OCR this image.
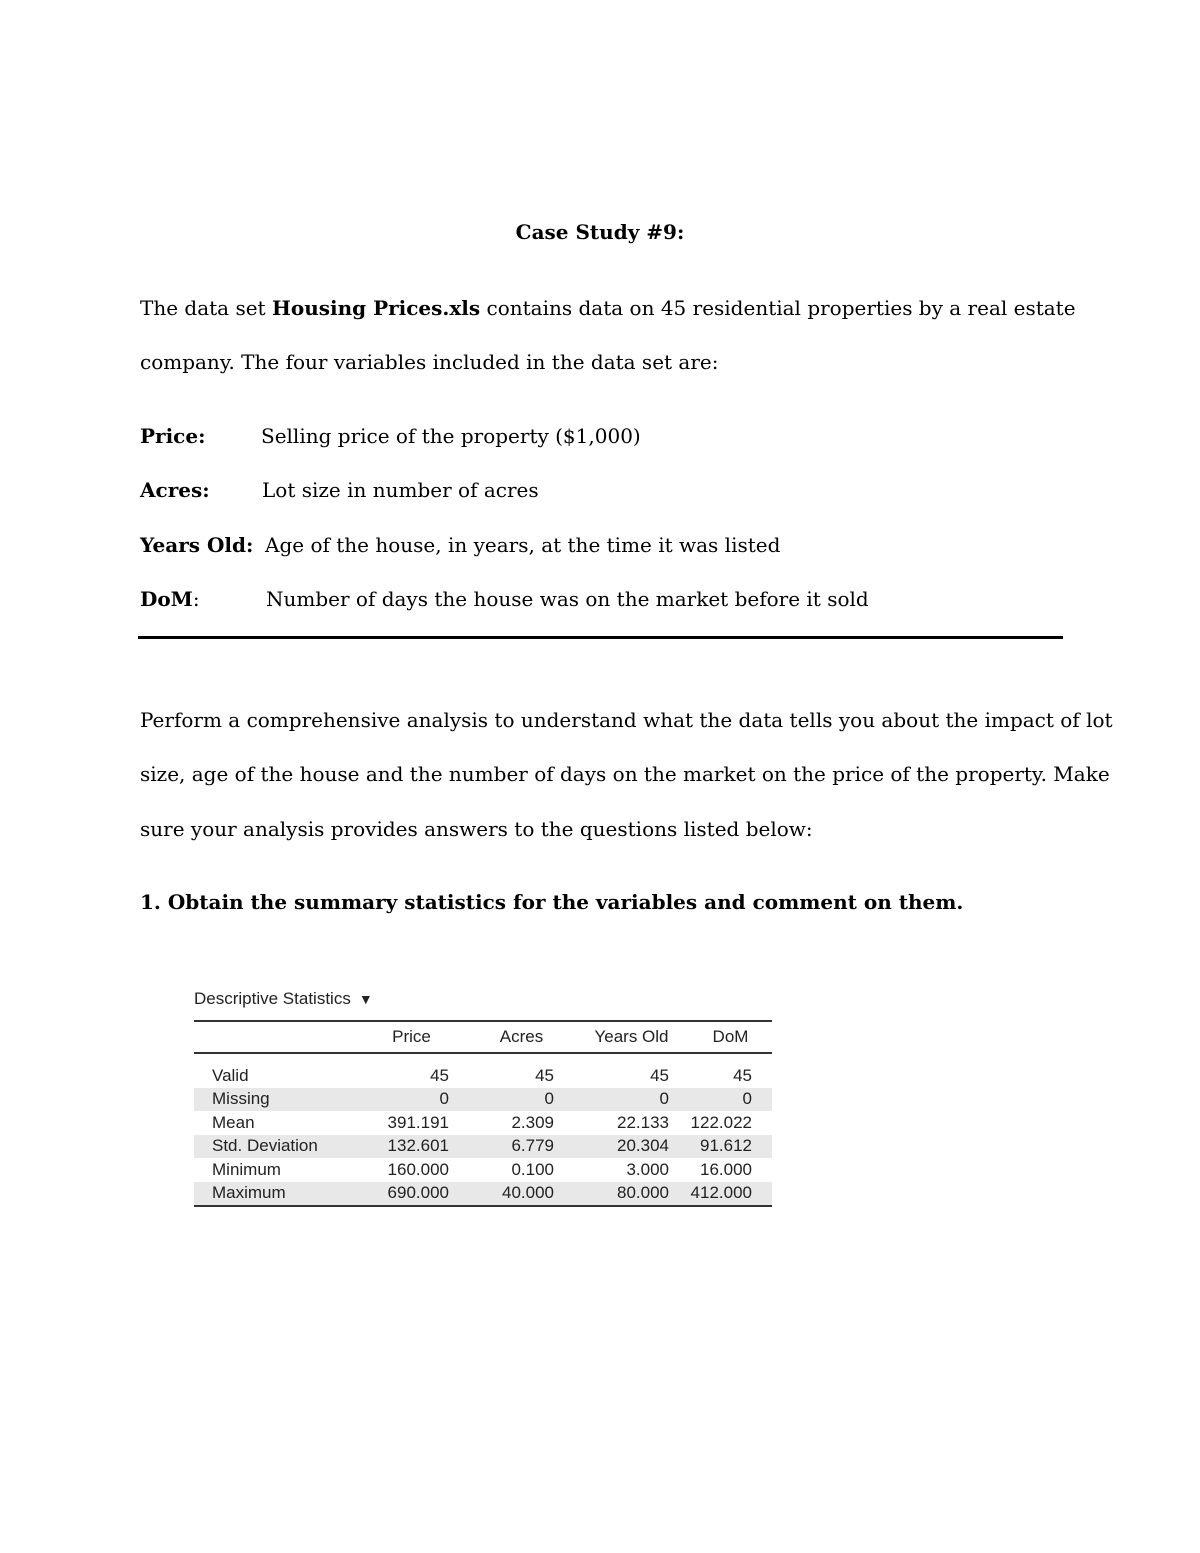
Case Study #9:
The data set Housing Prices.xls contains data on 45 residential properties by a real estate
company. The four variables included in the data set are:
Price:	Selling price of the property ($1,000)
Acres:	Lot size in number of acres
Years Old: Age of the house, in years, at the time it was listed
DoM:	Number of days the house was on the market before it sold
Perform a comprehensive analysis to understand what the data tells you about the impact of lot
size, age of the house and the number of days on the market on the price of the property. Make
sure your analysis provides answers to the questions listed below:
1. Obtain the summary statistics for the variables and comment on them.
Descriptive Statistics ▼
	Price	Acres	Years Old	DoM

Valid	45	45	45	45
Missing	0	0	0	0
Mean	391.191	2.309	22.133	122.022
Std. Deviation	132.601	6.779	20.304	91.612
Minimum	160.000	0.100	3.000	16.000
Maximum	690.000	40.000	80.000	412.000
